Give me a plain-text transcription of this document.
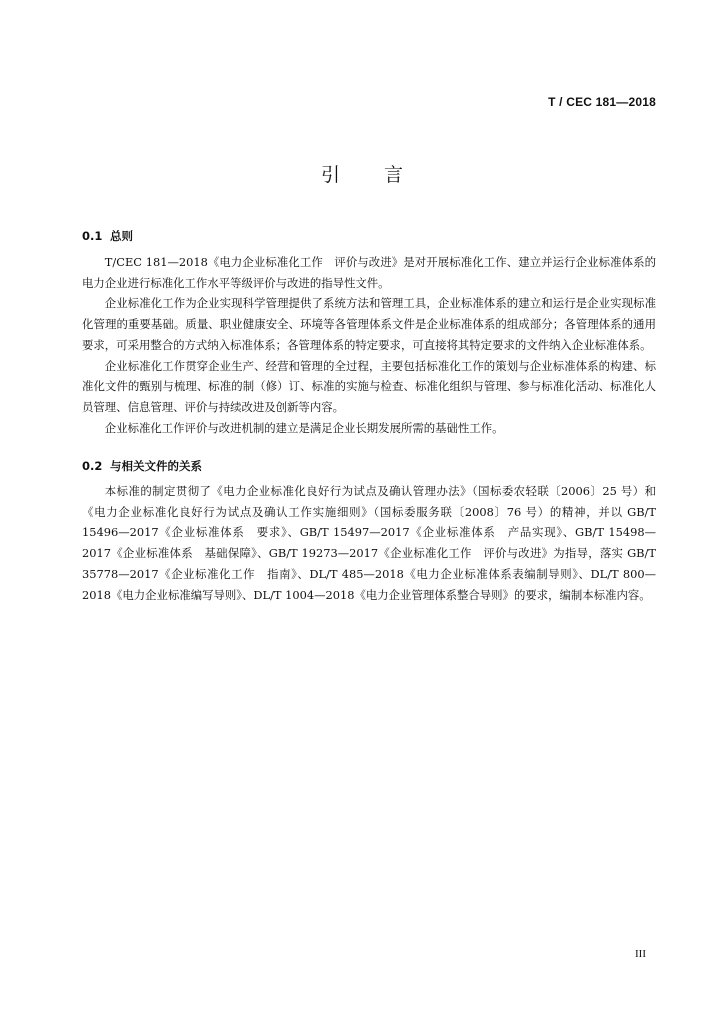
T / CEC 181—2018
引 言
0.1 总则

T/CEC 181—2018《电力企业标准化工作　评价与改进》是对开展标准化工作、建立并运行企业标准体系的电力企业进行标准化工作水平等级评价与改进的指导性文件。

企业标准化工作为企业实现科学管理提供了系统方法和管理工具，企业标准体系的建立和运行是企业实现标准化管理的重要基础。质量、职业健康安全、环境等各管理体系文件是企业标准体系的组成部分；各管理体系的通用要求，可采用整合的方式纳入标准体系；各管理体系的特定要求，可直接将其特定要求的文件纳入企业标准体系。

企业标准化工作贯穿企业生产、经营和管理的全过程，主要包括标准化工作的策划与企业标准体系的构建、标准化文件的甄别与梳理、标准的制（修）订、标准的实施与检查、标准化组织与管理、参与标准化活动、标准化人员管理、信息管理、评价与持续改进及创新等内容。

企业标准化工作评价与改进机制的建立是满足企业长期发展所需的基础性工作。

0.2 与相关文件的关系

本标准的制定贯彻了《电力企业标准化良好行为试点及确认管理办法》（国标委农轻联〔2006〕25 号）和《电力企业标准化良好行为试点及确认工作实施细则》（国标委服务联〔2008〕76 号）的精神，并以 GB/T 15496—2017《企业标准体系　要求》、GB/T 15497—2017《企业标准体系　产品实现》、GB/T 15498—2017《企业标准体系　基础保障》、GB/T 19273—2017《企业标准化工作　评价与改进》为指导，落实 GB/T 35778—2017《企业标准化工作　指南》、DL/T 485—2018《电力企业标准体系表编制导则》、DL/T 800—2018《电力企业标准编写导则》、DL/T 1004—2018《电力企业管理体系整合导则》的要求，编制本标准内容。

III
